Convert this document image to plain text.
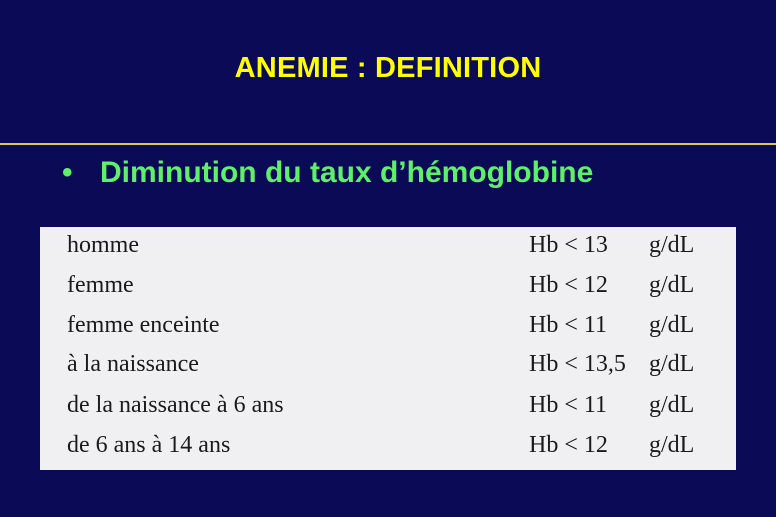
ANEMIE : DEFINITION
• Diminution du taux d’hémoglobine
homme	Hb < 13 g/dL
femme	Hb < 12 g/dL
femme enceinte	Hb < 11 g/dL
à la naissance	Hb < 13,5 g/dL
de la naissance à 6 ans	Hb < 11 g/dL
de 6 ans à 14 ans	Hb < 12 g/dL
